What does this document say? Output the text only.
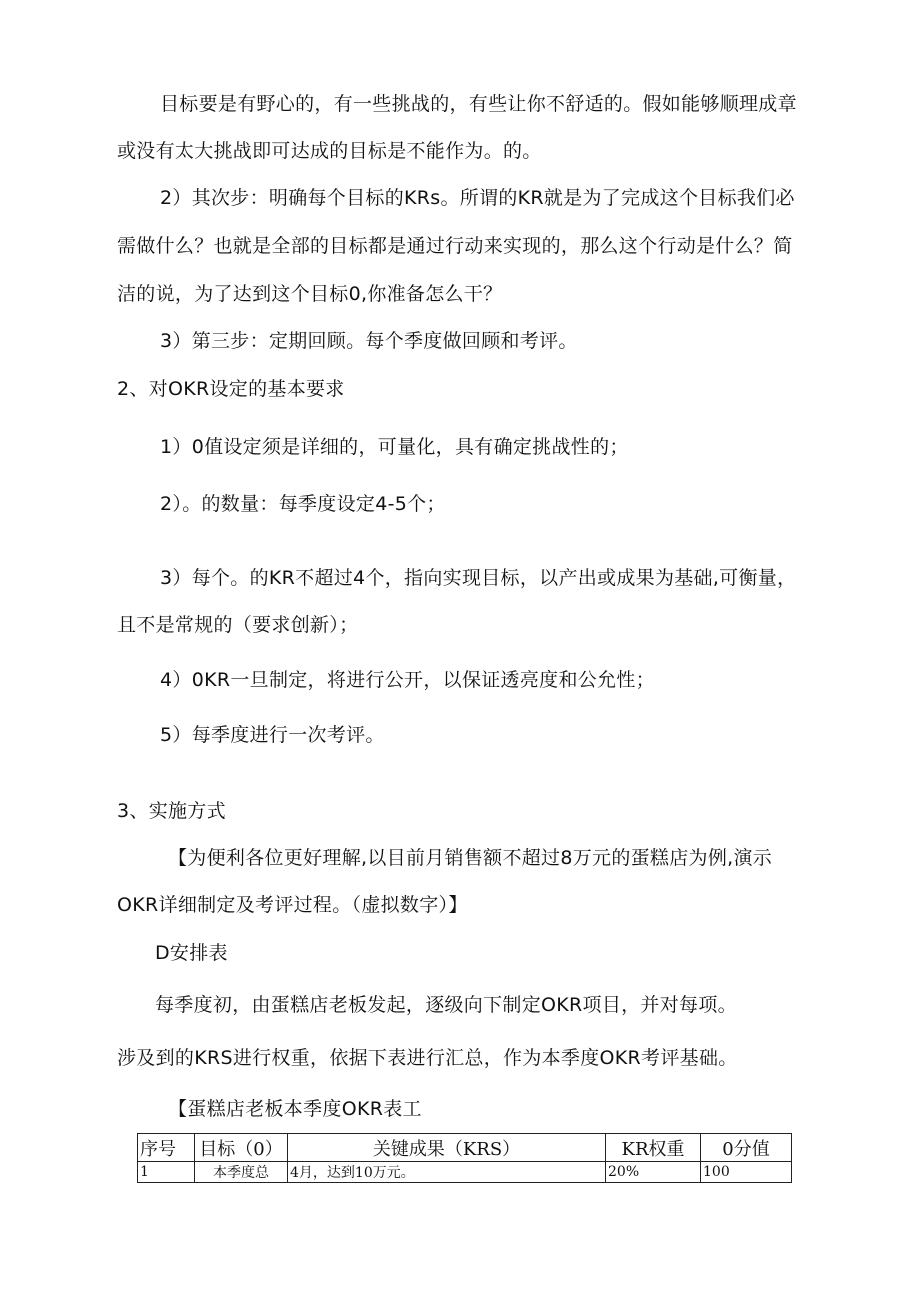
目标要是有野心的，有一些挑战的，有些让你不舒适的。假如能够顺理成章
或没有太大挑战即可达成的目标是不能作为。的。
2）其次步：明确每个目标的KRs。所谓的KR就是为了完成这个目标我们必
需做什么？也就是全部的目标都是通过行动来实现的，那么这个行动是什么？简
洁的说，为了达到这个目标0,你准备怎么干？
3）第三步：定期回顾。每个季度做回顾和考评。
2、对OKR设定的基本要求
1）0值设定须是详细的，可量化，具有确定挑战性的；
2）。的数量：每季度设定4-5个；
3）每个。的KR不超过4个，指向实现目标，以产出或成果为基础,可衡量，
且不是常规的（要求创新）；
4）0KR一旦制定，将进行公开，以保证透亮度和公允性；
5）每季度进行一次考评。
3、实施方式
【为便利各位更好理解,以目前月销售额不超过8万元的蛋糕店为例,演示
OKR详细制定及考评过程。（虚拟数字）】
D安排表
每季度初，由蛋糕店老板发起，逐级向下制定OKR项目，并对每项。
涉及到的KRS进行权重，依据下表进行汇总，作为本季度OKR考评基础。
【蛋糕店老板本季度OKR表工
序号	目标（0）	关键成果（KRS）	KR权重	0分值
1	本季度总	4月，达到10万元。	20%	100
